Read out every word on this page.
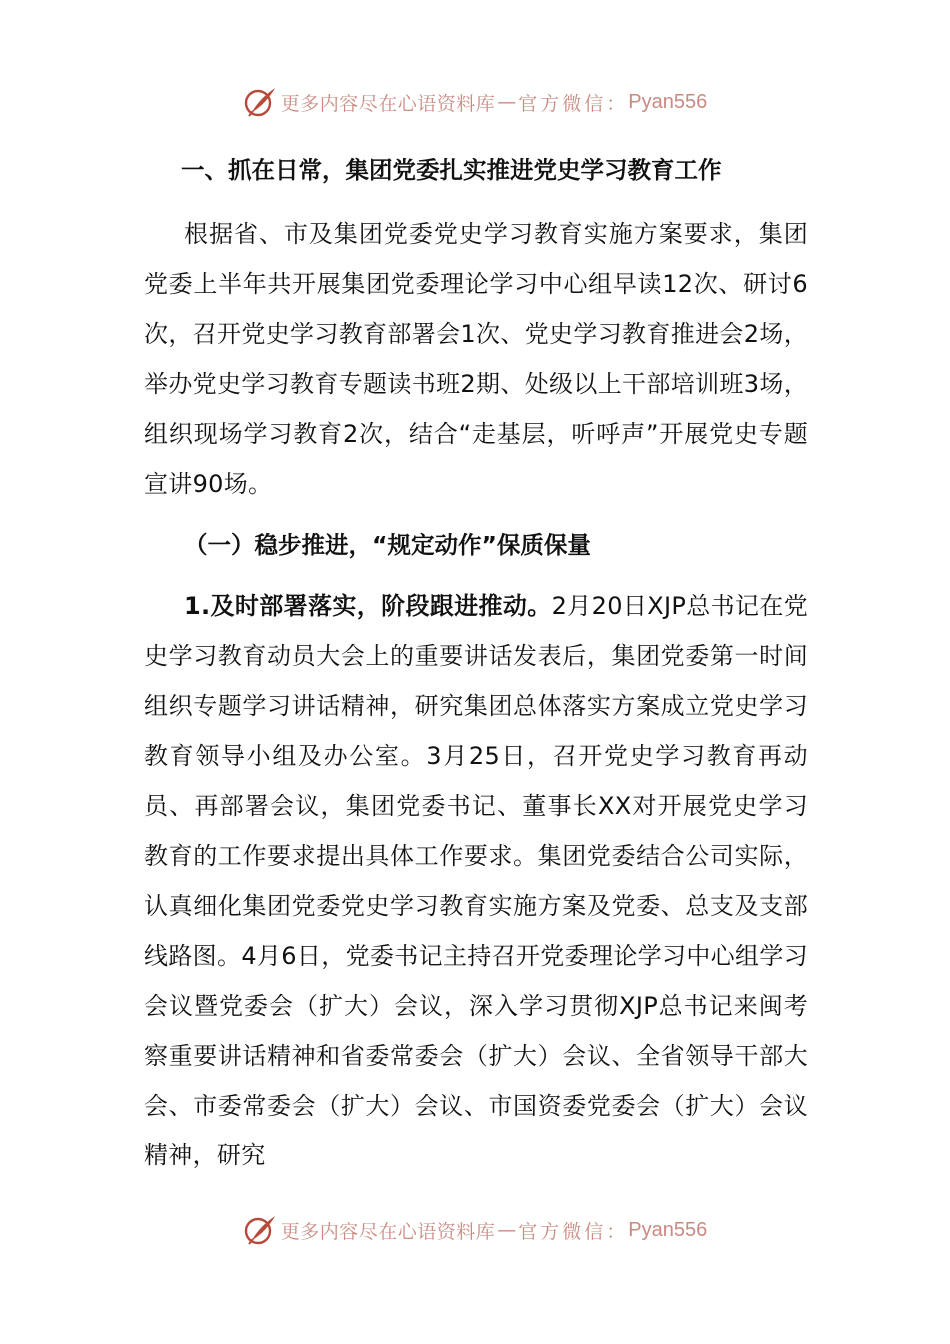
更多内容尽在心语资料库 — 官方微信： Pyan556
一、抓在日常，集团党委扎实推进党史学习教育工作

根据省、市及集团党委党史学习教育实施方案要求，集团党委上半年共开展集团党委理论学习中心组早读12次、研讨6次，召开党史学习教育部署会1次、党史学习教育推进会2场，举办党史学习教育专题读书班2期、处级以上干部培训班3场，组织现场学习教育2次，结合“走基层，听呼声”开展党史专题宣讲90场。

（一）稳步推进，“规定动作”保质保量

1.及时部署落实，阶段跟进推动。2月20日XJP总书记在党史学习教育动员大会上的重要讲话发表后，集团党委第一时间组织专题学习讲话精神，研究集团总体落实方案成立党史学习教育领导小组及办公室。3月25日，召开党史学习教育再动员、再部署会议，集团党委书记、董事长XX对开展党史学习教育的工作要求提出具体工作要求。集团党委结合公司实际，认真细化集团党委党史学习教育实施方案及党委、总支及支部线路图。4月6日，党委书记主持召开党委理论学习中心组学习会议暨党委会（扩大）会议，深入学习贯彻XJP总书记来闽考察重要讲话精神和省委常委会（扩大）会议、全省领导干部大会、市委常委会（扩大）会议、市国资委党委会（扩大）会议精神，研究

更多内容尽在心语资料库 — 官方微信： Pyan556
